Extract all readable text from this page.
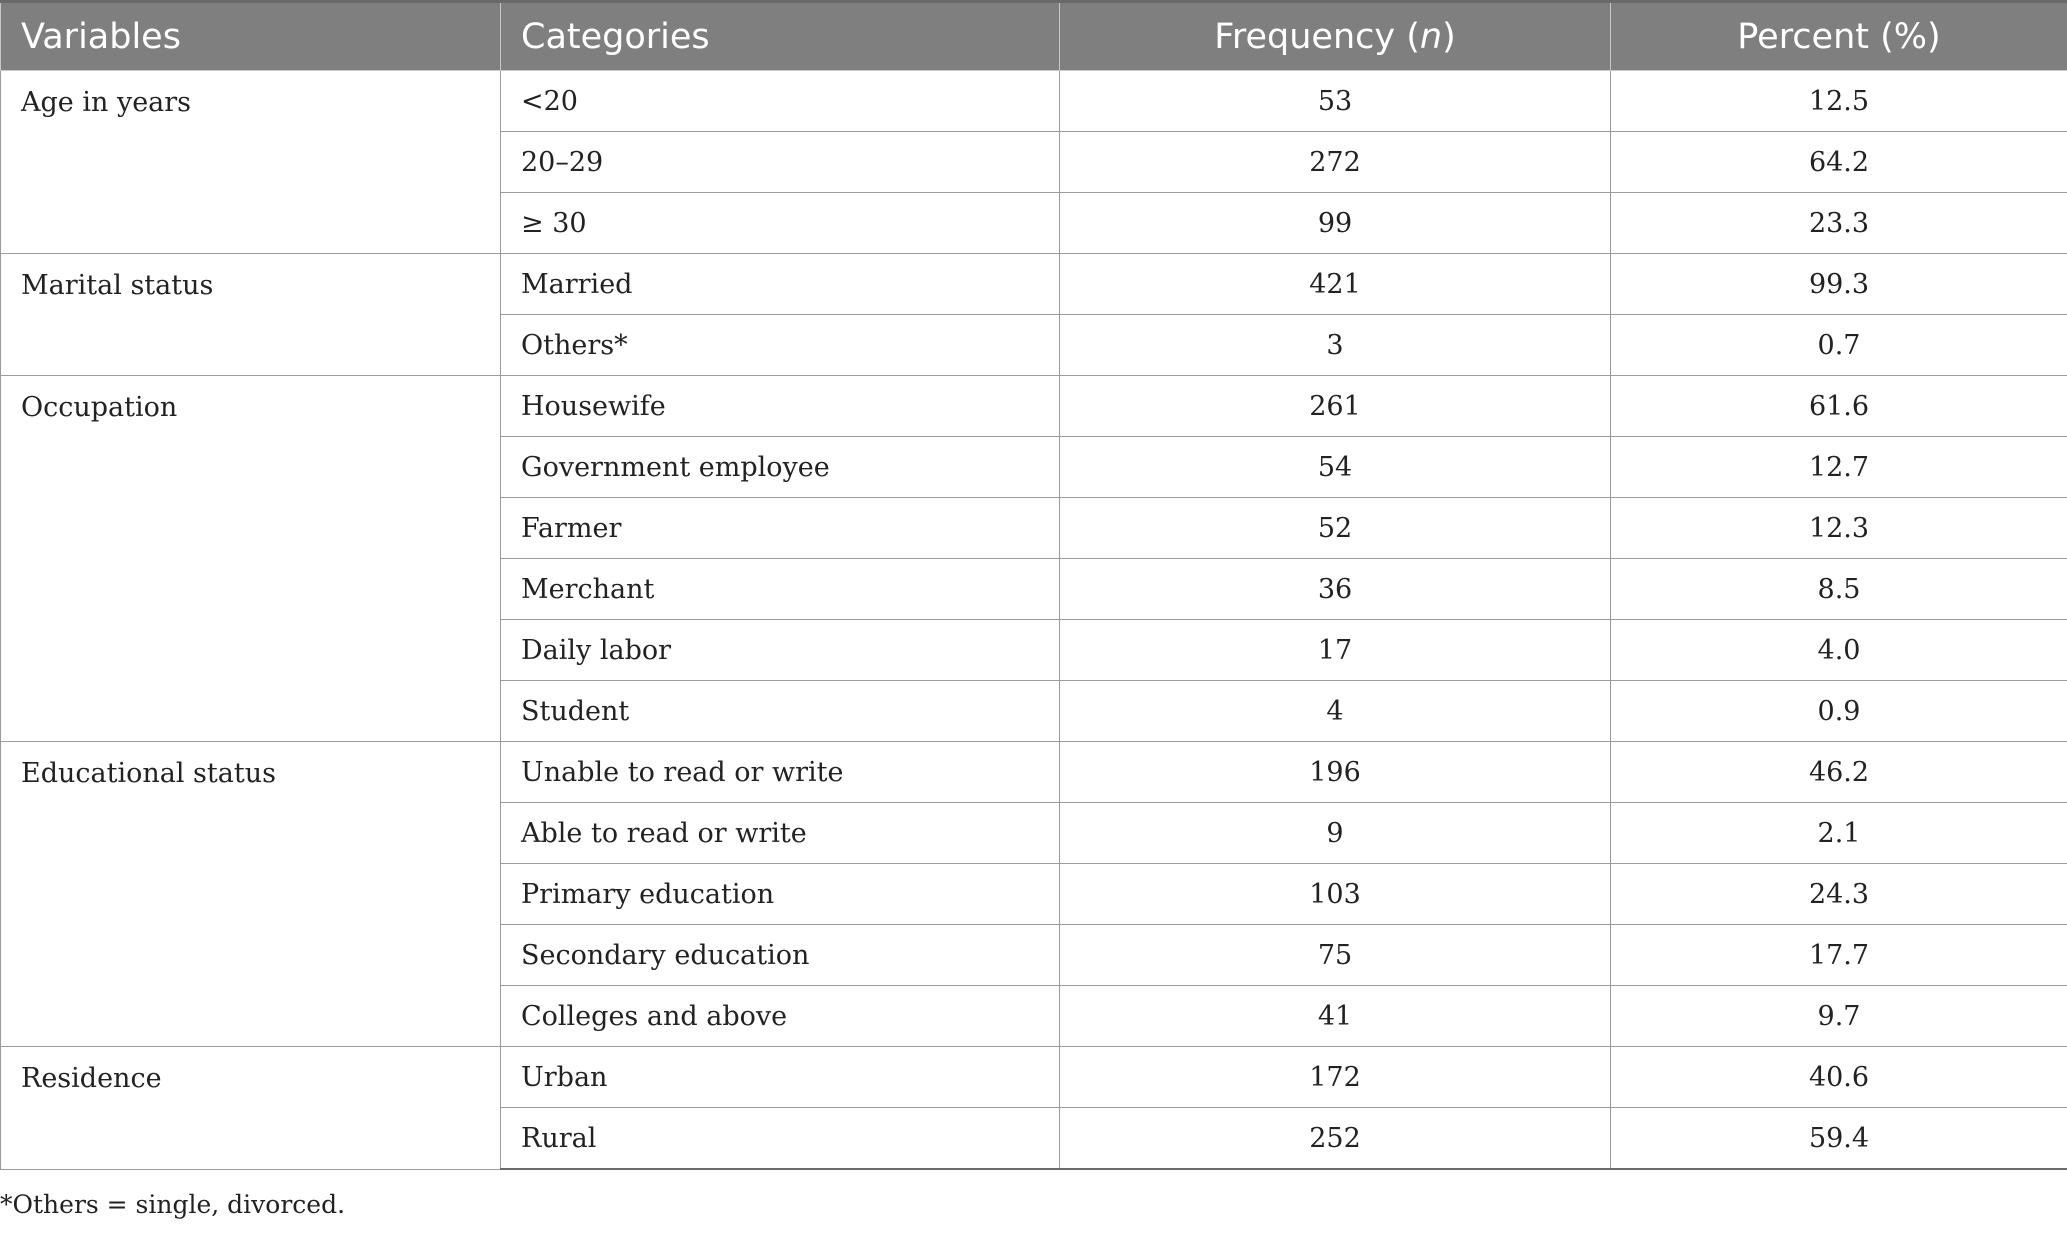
Variables	Categories	Frequency (n)	Percent (%)
Age in years	<20	53	12.5
	20–29	272	64.2
	≥ 30	99	23.3
Marital status	Married	421	99.3
	Others*	3	0.7
Occupation	Housewife	261	61.6
	Government employee	54	12.7
	Farmer	52	12.3
	Merchant	36	8.5
	Daily labor	17	4.0
	Student	4	0.9
Educational status	Unable to read or write	196	46.2
	Able to read or write	9	2.1
	Primary education	103	24.3
	Secondary education	75	17.7
	Colleges and above	41	9.7
Residence	Urban	172	40.6
	Rural	252	59.4
*Others = single, divorced.
